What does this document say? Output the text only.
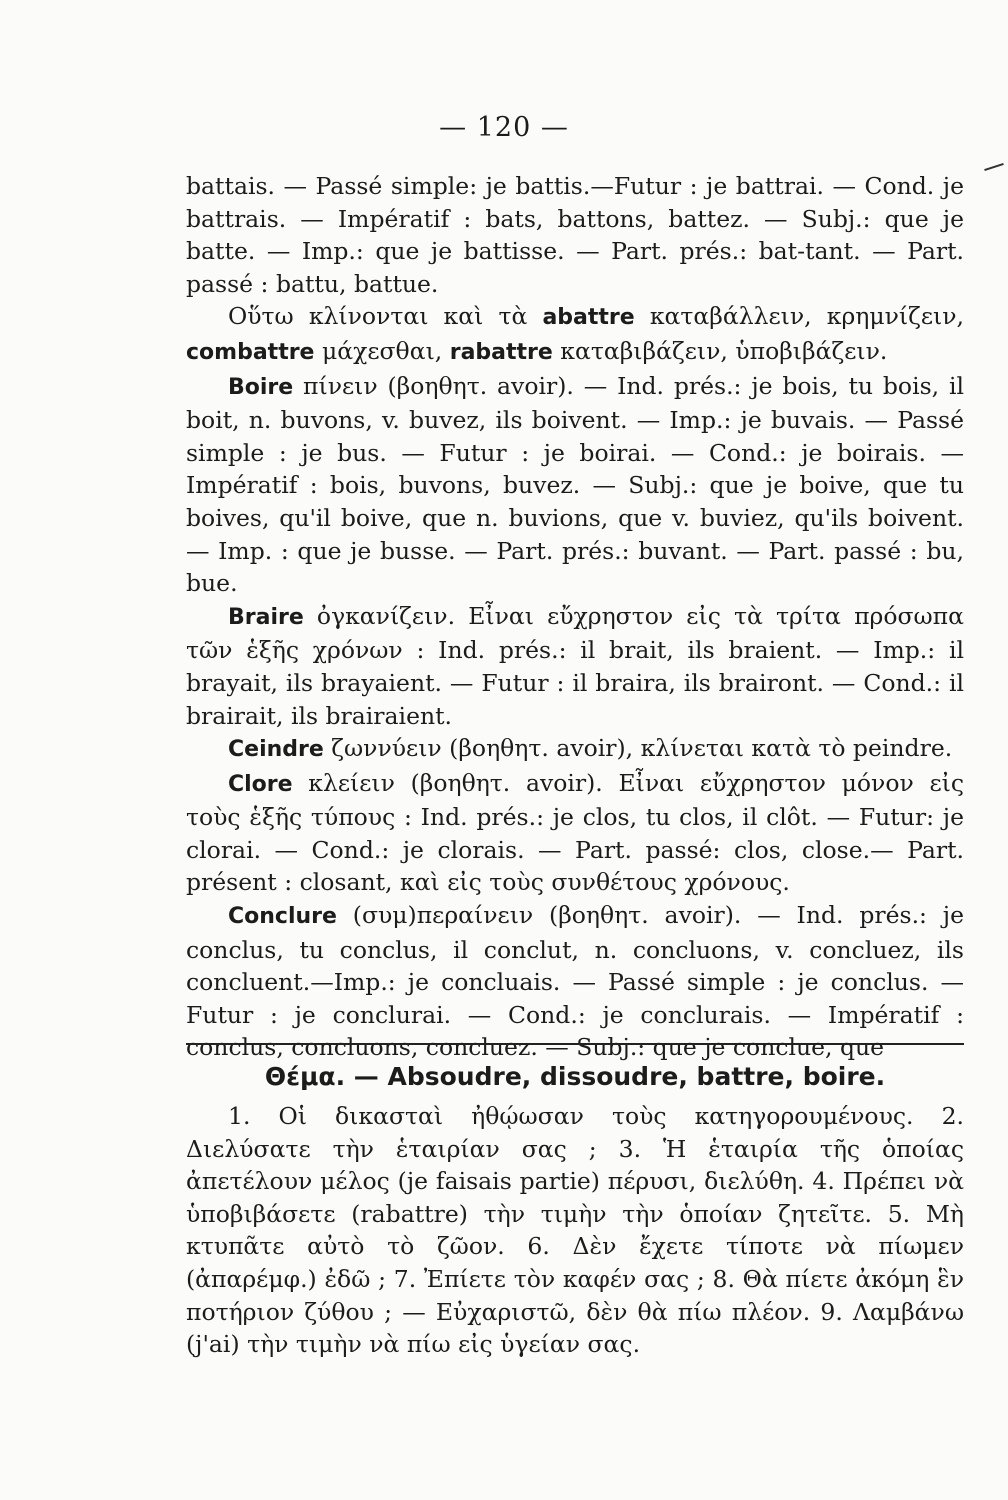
— 120 —

battais. — Passé simple: je battis.—Futur : je battrai. — Cond. je battrais. — Impératif : bats, battons, battez. — Subj.: que je batte. — Imp.: que je battisse. — Part. prés.: bat-tant. — Part. passé : battu, battue.

Οὕτω κλίνονται καὶ τὰ abattre καταβάλλειν, κρημνίζειν, combattre μάχεσθαι, rabattre καταβιβάζειν, ὑποβιβάζειν.

Boire πίνειν (βοηθητ. avoir). — Ind. prés.: je bois, tu bois, il boit, n. buvons, v. buvez, ils boivent. — Imp.: je buvais. — Passé simple : je bus. — Futur : je boirai. — Cond.: je boirais. — Impératif : bois, buvons, buvez. — Subj.: que je boive, que tu boives, qu'il boive, que n. buvions, que v. buviez, qu'ils boivent. — Imp. : que je busse. — Part. prés.: buvant. — Part. passé : bu, bue.

Braire ὀγκανίζειν. Εἶναι εὔχρηστον εἰς τὰ τρίτα πρόσωπα τῶν ἑξῆς χρόνων : Ind. prés.: il brait, ils braient. — Imp.: il brayait, ils brayaient. — Futur : il braira, ils brairont. — Cond.: il brairait, ils brairaient.

Ceindre ζωννύειν (βοηθητ. avoir), κλίνεται κατὰ τὸ peindre.

Clore κλείειν (βοηθητ. avoir). Εἶναι εὔχρηστον μόνον εἰς τοὺς ἑξῆς τύπους : Ind. prés.: je clos, tu clos, il clôt. — Futur: je clorai. — Cond.: je clorais. — Part. passé: clos, close.— Part. présent : closant, καὶ εἰς τοὺς συνθέτους χρόνους.

Conclure (συμ)περαίνειν (βοηθητ. avoir). — Ind. prés.: je conclus, tu conclus, il conclut, n. concluons, v. concluez, ils concluent.—Imp.: je concluais. — Passé simple : je conclus. — Futur : je conclurai. — Cond.: je conclurais. — Impératif : conclus, concluons, concluez. — Subj.: que je conclue, que

Θέμα. — Absoudre, dissoudre, battre, boire.

1. Οἱ δικασταὶ ἠθῴωσαν τοὺς κατηγορουμένους. 2. Διελύσατε τὴν ἑταιρίαν σας ; 3. Ἡ ἑταιρία τῆς ὁποίας ἀπετέλουν μέλος (je faisais partie) πέρυσι, διελύθη. 4. Πρέπει νὰ ὑποβιβάσετε (rabattre) τὴν τιμὴν τὴν ὁποίαν ζητεῖτε. 5. Μὴ κτυπᾶτε αὐτὸ τὸ ζῶον. 6. Δὲν ἔχετε τίποτε νὰ πίωμεν (ἀπαρέμφ.) ἐδῶ ; 7. Ἐπίετε τὸν καφέν σας ; 8. Θὰ πίετε ἀκόμη ἓν ποτήριον ζύθου ; — Εὐχαριστῶ, δὲν θὰ πίω πλέον. 9. Λαμβάνω (j'ai) τὴν τιμὴν νὰ πίω εἰς ὑγείαν σας.
